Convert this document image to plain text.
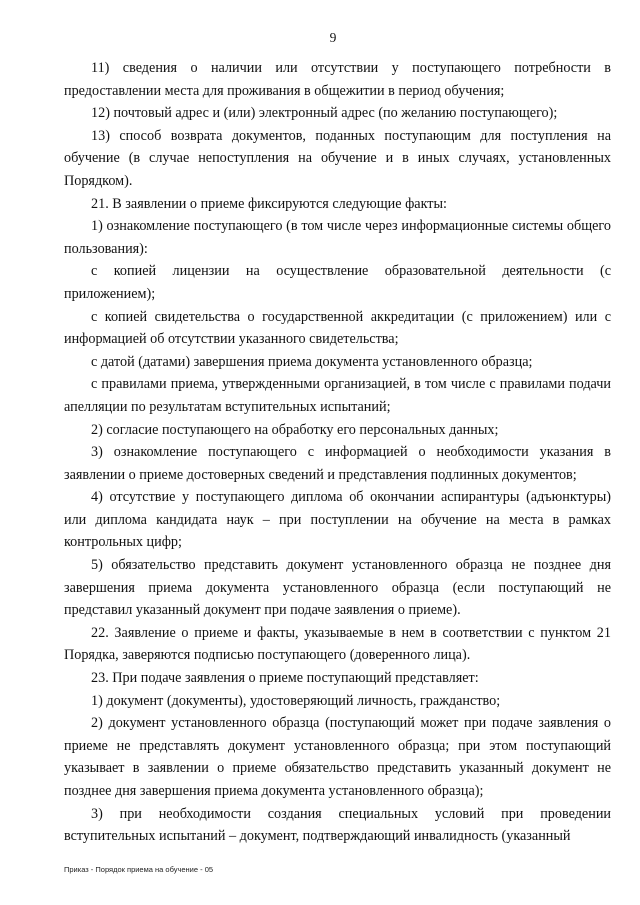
9

11) сведения о наличии или отсутствии у поступающего потребности в предоставлении места для проживания в общежитии в период обучения;

12) почтовый адрес и (или) электронный адрес (по желанию поступающего);

13) способ возврата документов, поданных поступающим для поступления на обучение (в случае непоступления на обучение и в иных случаях, установленных Порядком).

21. В заявлении о приеме фиксируются следующие факты:

1) ознакомление поступающего (в том числе через информационные системы общего пользования):

с копией лицензии на осуществление образовательной деятельности (с приложением);

с копией свидетельства о государственной аккредитации (с приложением) или с информацией об отсутствии указанного свидетельства;

с датой (датами) завершения приема документа установленного образца;

с правилами приема, утвержденными организацией, в том числе с правилами подачи апелляции по результатам вступительных испытаний;

2) согласие поступающего на обработку его персональных данных;

3) ознакомление поступающего с информацией о необходимости указания в заявлении о приеме достоверных сведений и представления подлинных документов;

4) отсутствие у поступающего диплома об окончании аспирантуры (адъюнктуры) или диплома кандидата наук – при поступлении на обучение на места в рамках контрольных цифр;

5) обязательство представить документ установленного образца не позднее дня завершения приема документа установленного образца (если поступающий не представил указанный документ при подаче заявления о приеме).

22. Заявление о приеме и факты, указываемые в нем в соответствии с пунктом 21 Порядка, заверяются подписью поступающего (доверенного лица).

23. При подаче заявления о приеме поступающий представляет:

1) документ (документы), удостоверяющий личность, гражданство;

2) документ установленного образца (поступающий может при подаче заявления о приеме не представлять документ установленного образца; при этом поступающий указывает в заявлении о приеме обязательство представить указанный документ не позднее дня завершения приема документа установленного образца);

3) при необходимости создания специальных условий при проведении вступительных испытаний – документ, подтверждающий инвалидность (указанный

Приказ - Порядок приема на обучение - 05
